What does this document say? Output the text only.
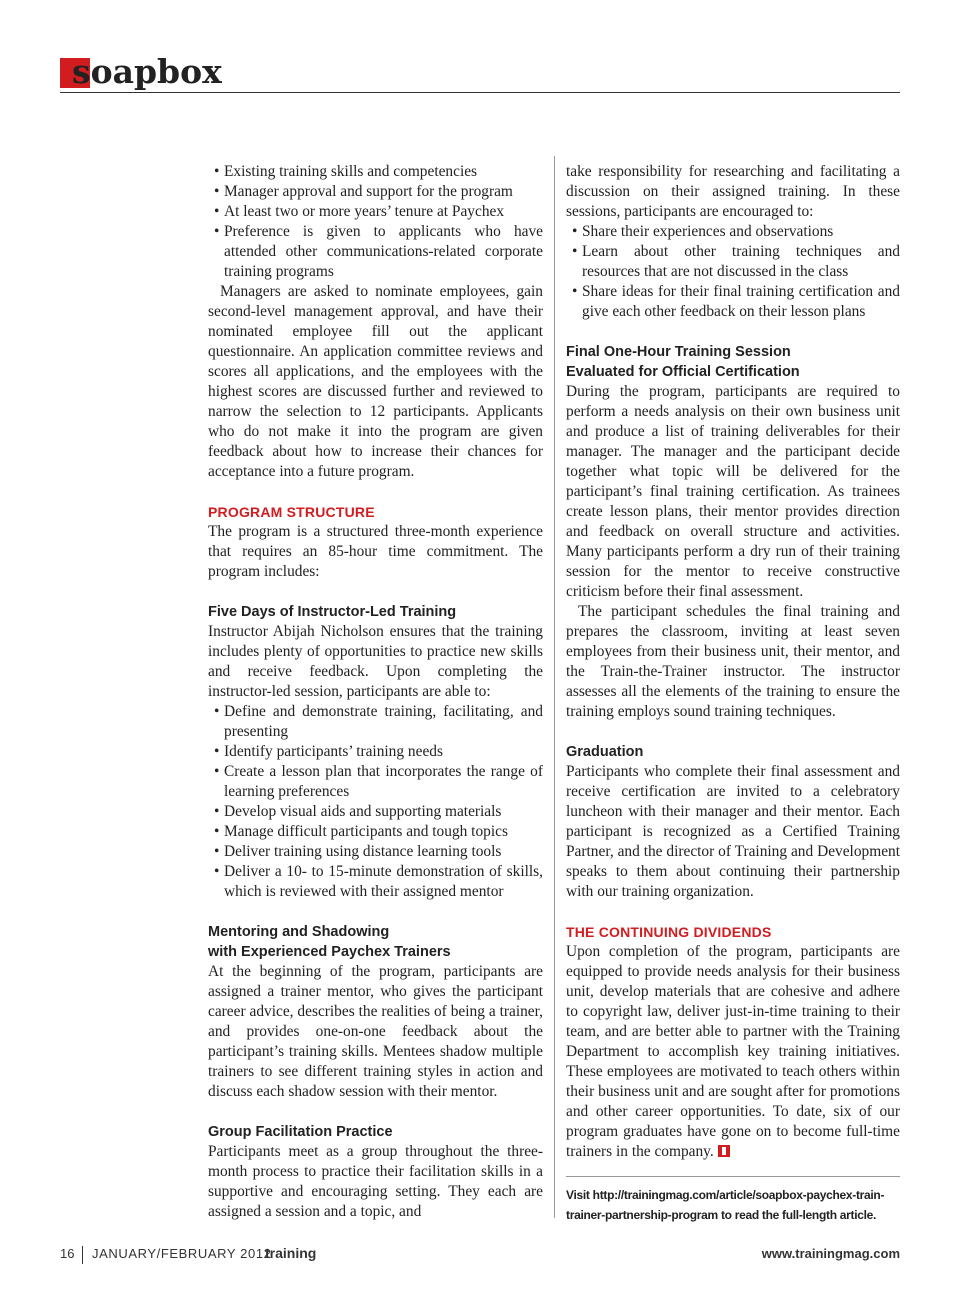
soapbox
• Existing training skills and competencies
• Manager approval and support for the program
• At least two or more years’ tenure at Paychex
• Preference is given to applicants who have attended other communications-related corporate training programs

Managers are asked to nominate employees, gain second-level management approval, and have their nominated employee fill out the applicant questionnaire. An application committee reviews and scores all applications, and the employees with the highest scores are discussed further and reviewed to narrow the selection to 12 participants. Applicants who do not make it into the program are given feedback about how to increase their chances for acceptance into a future program.

PROGRAM STRUCTURE

The program is a structured three-month experience that requires an 85-hour time commitment. The program includes:

Five Days of Instructor-Led Training

Instructor Abijah Nicholson ensures that the training includes plenty of opportunities to practice new skills and receive feedback. Upon completing the instructor-led session, participants are able to:

• Define and demonstrate training, facilitating, and presenting
• Identify participants’ training needs
• Create a lesson plan that incorporates the range of learning preferences
• Develop visual aids and supporting materials
• Manage difficult participants and tough topics
• Deliver training using distance learning tools
• Deliver a 10- to 15-minute demonstration of skills, which is reviewed with their assigned mentor
Mentoring and Shadowing
with Experienced Paychex Trainers

At the beginning of the program, participants are assigned a trainer mentor, who gives the participant career advice, describes the realities of being a trainer, and provides one-on-one feedback about the participant’s training skills. Mentees shadow multiple trainers to see different training styles in action and discuss each shadow session with their mentor.

Group Facilitation Practice

Participants meet as a group throughout the three-month process to practice their facilitation skills in a supportive and encouraging setting. They each are assigned a session and a topic, and

take responsibility for researching and facilitating a discussion on their assigned training. In these sessions, participants are encouraged to:

• Share their experiences and observations
• Learn about other training techniques and resources that are not discussed in the class
• Share ideas for their final training certification and give each other feedback on their lesson plans
Final One-Hour Training Session
Evaluated for Official Certification

During the program, participants are required to perform a needs analysis on their own business unit and produce a list of training deliverables for their manager. The manager and the participant decide together what topic will be delivered for the participant’s final training certification. As trainees create lesson plans, their mentor provides direction and feedback on overall structure and activities. Many participants perform a dry run of their training session for the mentor to receive constructive criticism before their final assessment.

The participant schedules the final training and prepares the classroom, inviting at least seven employees from their business unit, their mentor, and the Train-the-Trainer instructor. The instructor assesses all the elements of the training to ensure the training employs sound training techniques.

Graduation

Participants who complete their final assessment and receive certification are invited to a celebratory luncheon with their manager and their mentor. Each participant is recognized as a Certified Training Partner, and the director of Training and Development speaks to them about continuing their partnership with our training organization.

THE CONTINUING DIVIDENDS

Upon completion of the program, participants are equipped to provide needs analysis for their business unit, develop materials that are cohesive and adhere to copyright law, deliver just-in-time training to their team, and are better able to partner with the Training Department to accomplish key training initiatives. These employees are motivated to teach others within their business unit and are sought after for promotions and other career opportunities. To date, six of our program graduates have gone on to become full-time trainers in the company.

Visit http://trainingmag.com/article/soapbox-paychex-train-trainer-partnership-program to read the full-length article.
16 JANUARY/FEBRUARY 2012
training	www.trainingmag.com
